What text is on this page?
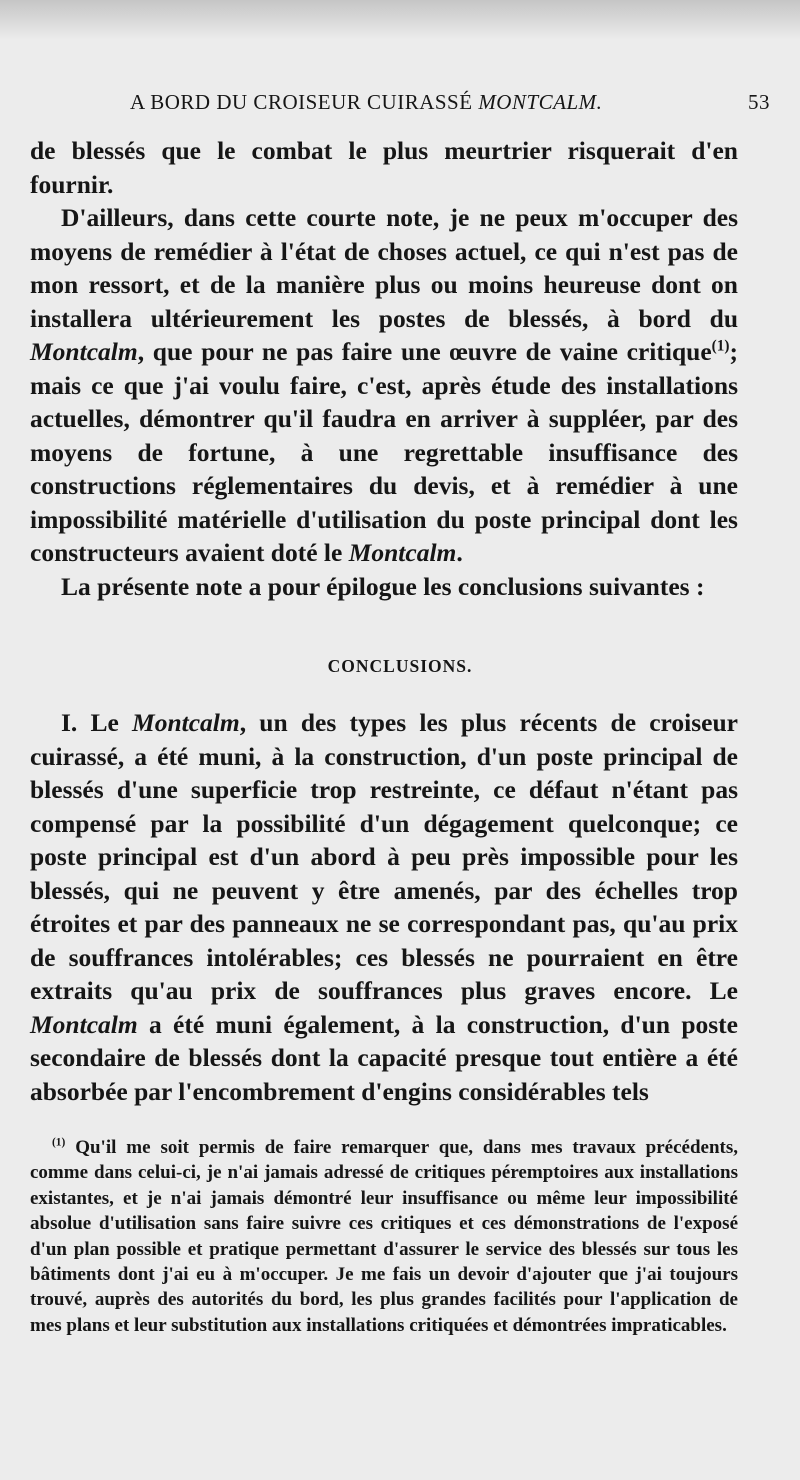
A BORD DU CROISEUR CUIRASSÉ MONTCALM.	53

de blessés que le combat le plus meurtrier risquerait d'en fournir.

D'ailleurs, dans cette courte note, je ne peux m'occuper des moyens de remédier à l'état de choses actuel, ce qui n'est pas de mon ressort, et de la manière plus ou moins heureuse dont on installera ultérieurement les postes de blessés, à bord du Montcalm, que pour ne pas faire une œuvre de vaine critique$^{(1)}$; mais ce que j'ai voulu faire, c'est, après étude des installations actuelles, démontrer qu'il faudra en arriver à suppléer, par des moyens de fortune, à une regrettable insuffisance des constructions réglementaires du devis, et à remédier à une impossibilité matérielle d'utilisation du poste principal dont les constructeurs avaient doté le Montcalm.

La présente note a pour épilogue les conclusions suivantes :

CONCLUSIONS.

I. Le Montcalm, un des types les plus récents de croiseur cuirassé, a été muni, à la construction, d'un poste principal de blessés d'une superficie trop restreinte, ce défaut n'étant pas compensé par la possibilité d'un dégagement quelconque; ce poste principal est d'un abord à peu près impossible pour les blessés, qui ne peuvent y être amenés, par des échelles trop étroites et par des panneaux ne se correspondant pas, qu'au prix de souffrances intolérables; ces blessés ne pourraient en être extraits qu'au prix de souffrances plus graves encore. Le Montcalm a été muni également, à la construction, d'un poste secondaire de blessés dont la capacité presque tout entière a été absorbée par l'encombrement d'engins considérables tels

$^{(1)}$ Qu'il me soit permis de faire remarquer que, dans mes travaux précédents, comme dans celui-ci, je n'ai jamais adressé de critiques péremptoires aux installations existantes, et je n'ai jamais démontré leur insuffisance ou même leur impossibilité absolue d'utilisation sans faire suivre ces critiques et ces démonstrations de l'exposé d'un plan possible et pratique permettant d'assurer le service des blessés sur tous les bâtiments dont j'ai eu à m'occuper. Je me fais un devoir d'ajouter que j'ai toujours trouvé, auprès des autorités du bord, les plus grandes facilités pour l'application de mes plans et leur substitution aux installations critiquées et démontrées impraticables.
